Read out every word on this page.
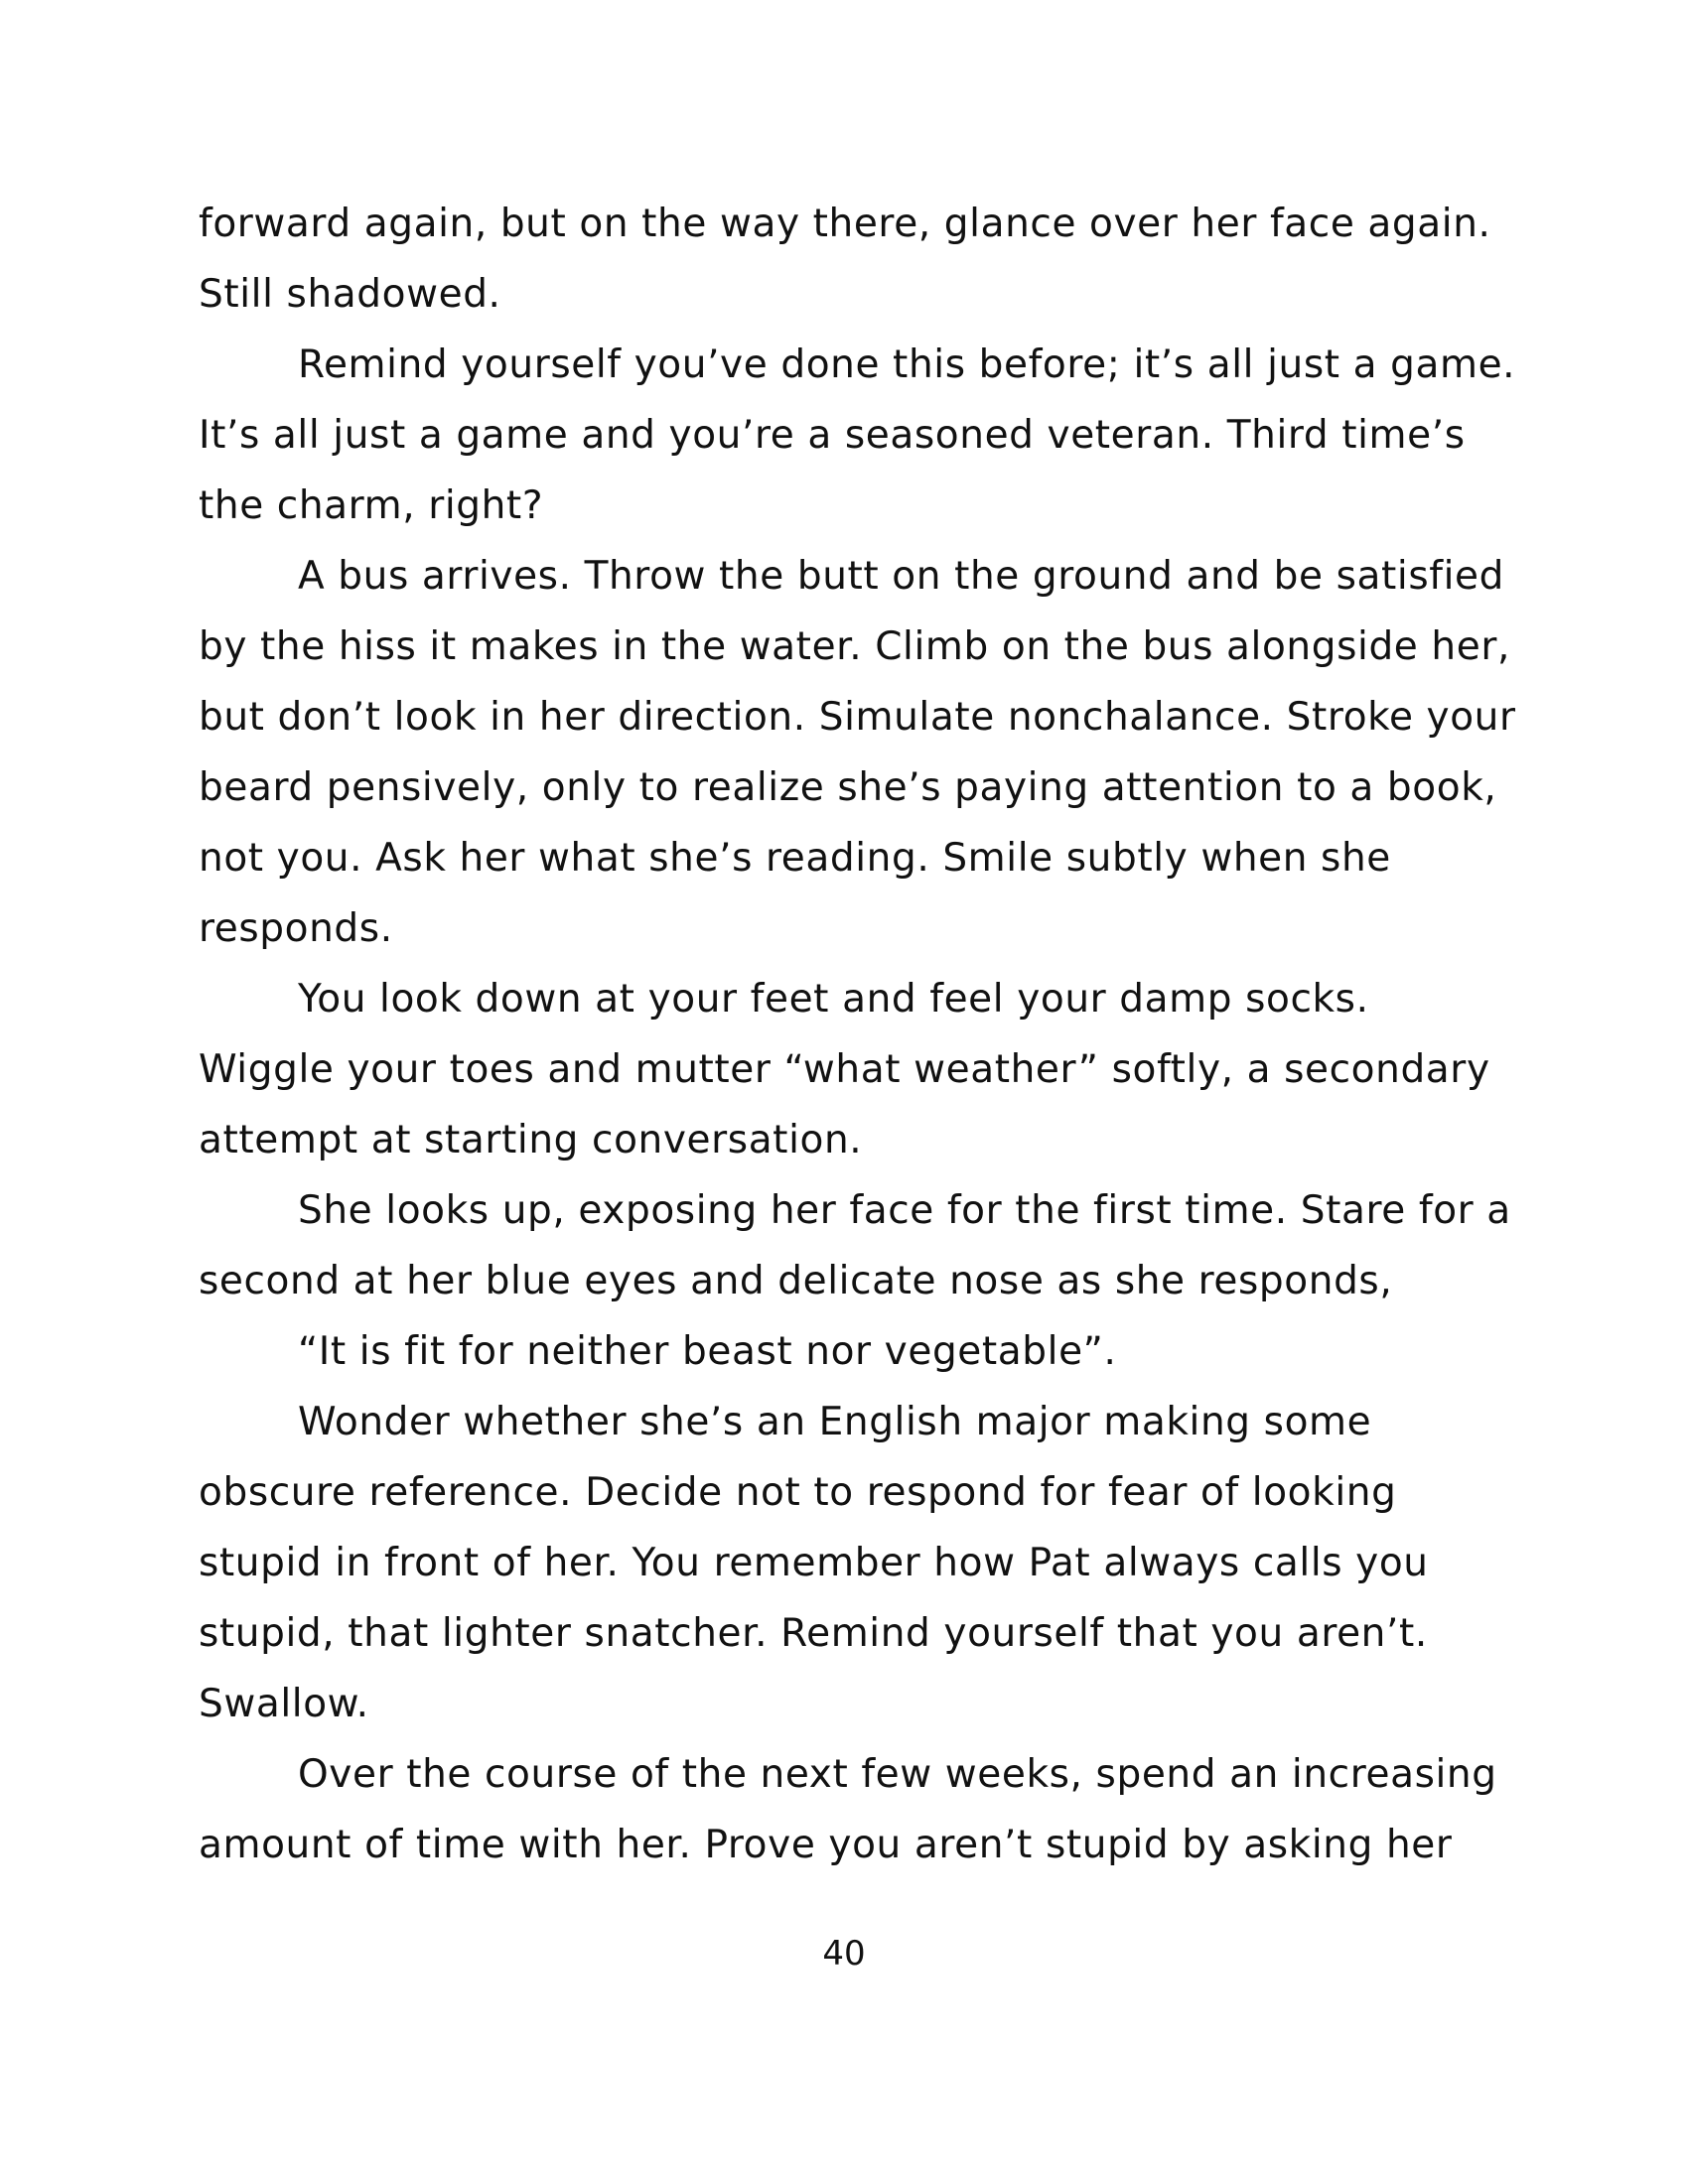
forward again, but on the way there, glance over her face again.
Still shadowed.
Remind yourself you’ve done this before; it’s all just a game.
It’s all just a game and you’re a seasoned veteran. Third time’s
the charm, right?
A bus arrives. Throw the butt on the ground and be satisfied
by the hiss it makes in the water. Climb on the bus alongside her,
but don’t look in her direction. Simulate nonchalance. Stroke your
beard pensively, only to realize she’s paying attention to a book,
not you. Ask her what she’s reading. Smile subtly when she
responds.
You look down at your feet and feel your damp socks.
Wiggle your toes and mutter “what weather” softly, a secondary
attempt at starting conversation.
She looks up, exposing her face for the first time. Stare for a
second at her blue eyes and delicate nose as she responds,
“It is fit for neither beast nor vegetable”.
Wonder whether she’s an English major making some
obscure reference. Decide not to respond for fear of looking
stupid in front of her. You remember how Pat always calls you
stupid, that lighter snatcher. Remind yourself that you aren’t.
Swallow.
Over the course of the next few weeks, spend an increasing
amount of time with her. Prove you aren’t stupid by asking her
40
